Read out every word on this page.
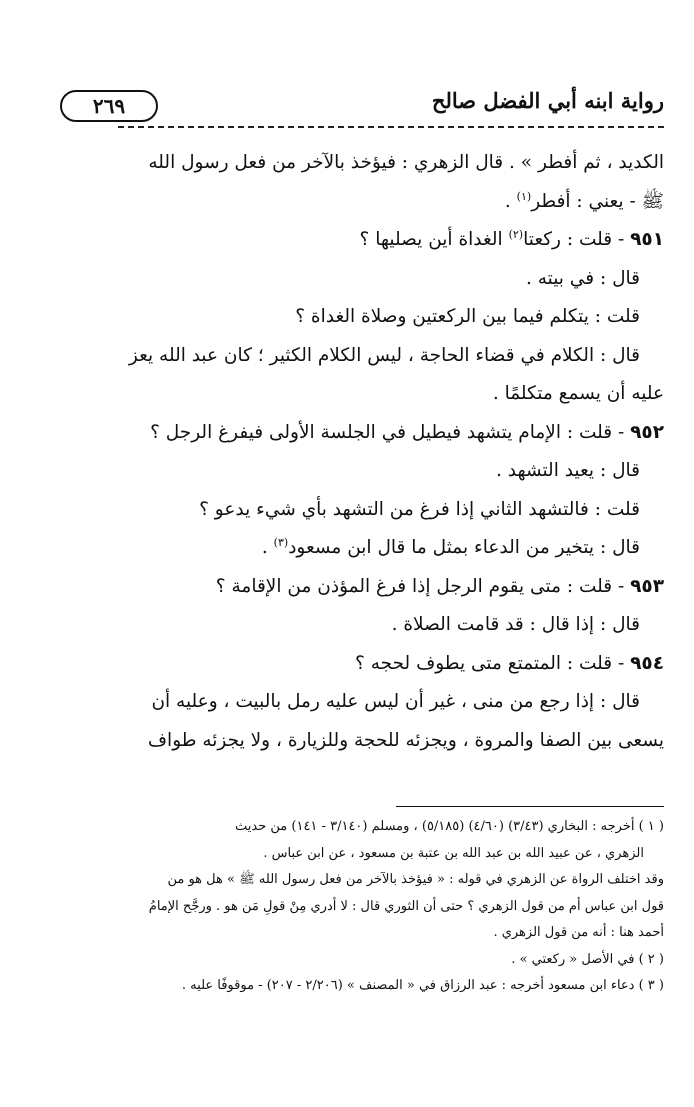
٢٦٩	رواية ابنه أبي الفضل صالح

الكديد ، ثم أفطر » . قال الزهري : فيؤخذ بالآخر من فعل رسول الله

ﷺ - يعني : أفطر$^{(١)}$ .

٩٥١ - قلت : ركعتا$^{(٢)}$ الغداة أين يصليها ؟

قال : في بيته .

قلت : يتكلم فيما بين الركعتين وصلاة الغداة ؟

قال : الكلام في قضاء الحاجة ، ليس الكلام الكثير ؛ كان عبد الله يعز

عليه أن يسمع متكلمًا .

٩٥٢ - قلت : الإمام يتشهد فيطيل في الجلسة الأولى فيفرغ الرجل ؟

قال : يعيد التشهد .

قلت : فالتشهد الثاني إذا فرغ من التشهد بأي شيء يدعو ؟

قال : يتخير من الدعاء بمثل ما قال ابن مسعود$^{(٣)}$ .

٩٥٣ - قلت : متى يقوم الرجل إذا فرغ المؤذن من الإقامة ؟

قال : إذا قال : قد قامت الصلاة .

٩٥٤ - قلت : المتمتع متى يطوف لحجه ؟

قال : إذا رجع من منى ، غير أن ليس عليه رمل بالبيت ، وعليه أن

يسعى بين الصفا والمروة ، ويجزئه للحجة وللزيارة ، ولا يجزئه طواف

( ١ ) أخرجه : البخاري (٣/٤٣) (٤/٦٠) (٥/١٨٥) ، ومسلم (٣/١٤٠ - ١٤١) من حديث

الزهري ، عن عبيد الله بن عبد الله بن عتبة بن مسعود ، عن ابن عباس .

وقد اختلف الرواة عن الزهري في قوله : « فيؤخذ بالآخر من فعل رسول الله ﷺ » هل هو من

قول ابن عباس أم من قول الزهري ؟ حتى أن الثوري قال : لا أدري مِنْ قولِ مَن هو . ورجَّح الإمامُ

أحمد هنا : أنه من قول الزهري .

( ٢ ) في الأصل « ركعتي » .

( ٣ ) دعاء ابن مسعود أخرجه : عبد الرزاق في « المصنف » (٢/٢٠٦ - ٢٠٧) - موقوفًا عليه .
